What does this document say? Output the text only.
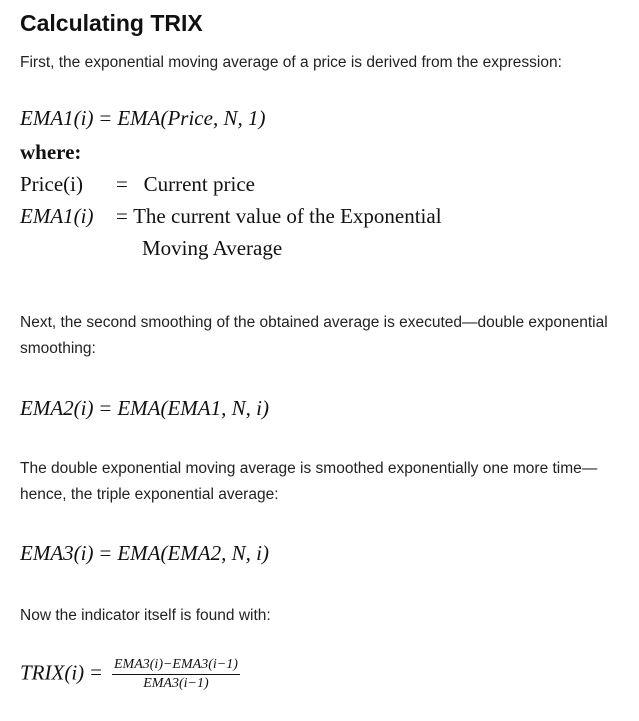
Calculating TRIX

First, the exponential moving average of a price is derived from the expression:

EMA1(i) = EMA(Price, N, 1)
where:
Price(i) = Current price
EMA1(i) = The current value of the Exponential
Moving Average

Next, the second smoothing of the obtained average is executed—double exponential smoothing:

EMA2(i) = EMA(EMA1, N, i)

The double exponential moving average is smoothed exponentially one more time—hence, the triple exponential average:

EMA3(i) = EMA(EMA2, N, i)

Now the indicator itself is found with:

TRIX(i) = $\frac{\text{EMA3(i)−EMA3(i−1)}}{\text{EMA3(i−1)}}$
